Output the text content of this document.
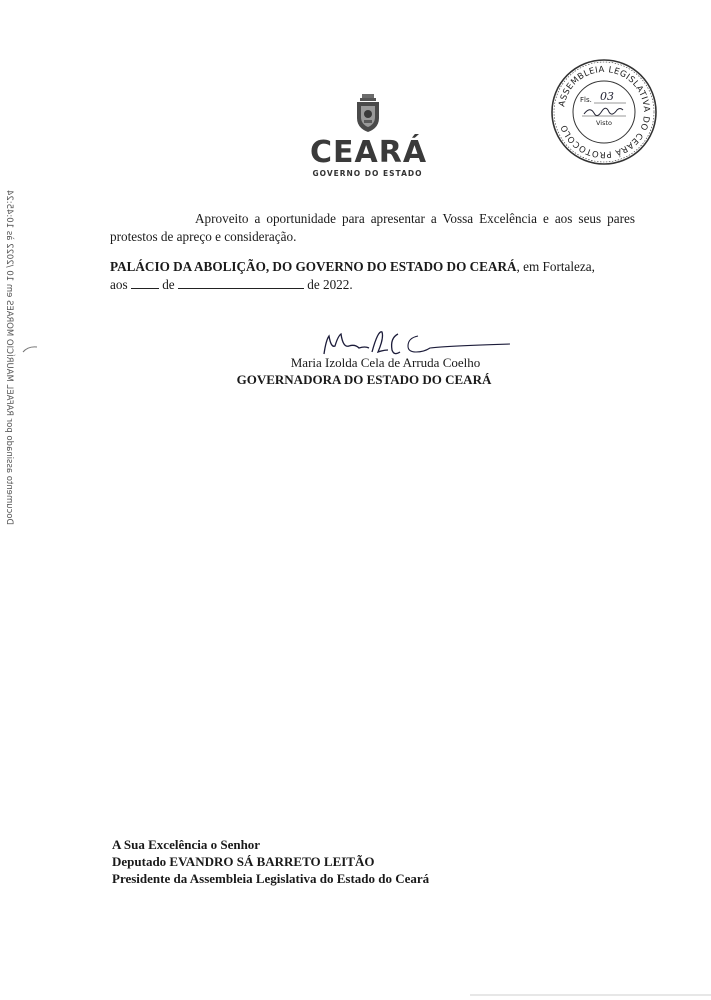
CEARÁ
GOVERNO DO ESTADO
ASSEMBLEIA LEGISLATIVA DO CEARÁ PROTOCOLO
Fls. 03
Visto
Aproveito a oportunidade para apresentar a Vossa Excelência e aos seus pares protestos de apreço e consideração.
PALÁCIO DA ABOLIÇÃO, DO GOVERNO DO ESTADO DO CEARÁ, em Fortaleza,
aos	de	de 2022.
Maria Izolda Cela de Arruda Coelho
GOVERNADORA DO ESTADO DO CEARÁ
A Sua Excelência o Senhor
Deputado EVANDRO SÁ BARRETO LEITÃO
Presidente da Assembleia Legislativa do Estado do Ceará
Documento assinado por RAFAEL MAURÍCIO MORAES em 10 /2022 às 10:45:24
